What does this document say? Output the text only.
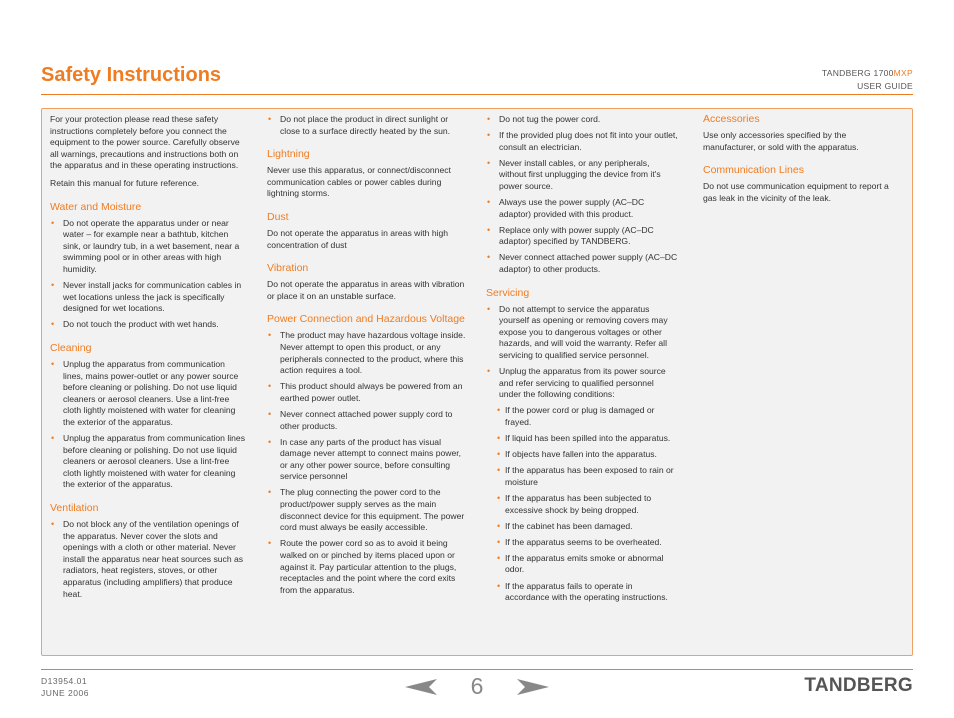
Safety Instructions	TANDBERG 1700MXP
USER GUIDE

For your protection please read these safety instructions completely before you connect the equipment to the power source. Carefully observe all warnings, precautions and instructions both on the apparatus and in these operating instructions.

Retain this manual for future reference.

Water and Moisture
• Do not operate the apparatus under or near water – for example near a bathtub, kitchen sink, or laundry tub, in a wet basement, near a swimming pool or in other areas with high humidity.
• Never install jacks for communication cables in wet locations unless the jack is specifically designed for wet locations.
• Do not touch the product with wet hands.
Cleaning
• Unplug the apparatus from communication lines, mains power-outlet or any power source before cleaning or polishing. Do not use liquid cleaners or aerosol cleaners. Use a lint-free cloth lightly moistened with water for cleaning the exterior of the apparatus.
• Unplug the apparatus from communication lines before cleaning or polishing. Do not use liquid cleaners or aerosol cleaners. Use a lint-free cloth lightly moistened with water for cleaning the exterior of the apparatus.
Ventilation
• Do not block any of the ventilation openings of the apparatus. Never cover the slots and openings with a cloth or other material. Never install the apparatus near heat sources such as radiators, heat registers, stoves, or other apparatus (including amplifiers) that produce heat.
• Do not place the product in direct sunlight or close to a surface directly heated by the sun.
Lightning

Never use this apparatus, or connect/disconnect communication cables or power cables during lightning storms.

Dust

Do not operate the apparatus in areas with high concentration of dust

Vibration

Do not operate the apparatus in areas with vibration or place it on an unstable surface.

Power Connection and Hazardous Voltage
• The product may have hazardous voltage inside. Never attempt to open this product, or any peripherals connected to the product, where this action requires a tool.
• This product should always be powered from an earthed power outlet.
• Never connect attached power supply cord to other products.
• In case any parts of the product has visual damage never attempt to connect mains power, or any other power source, before consulting service personnel
• The plug connecting the power cord to the product/power supply serves as the main disconnect device for this equipment. The power cord must always be easily accessible.
• Route the power cord so as to avoid it being walked on or pinched by items placed upon or against it. Pay particular attention to the plugs, receptacles and the point where the cord exits from the apparatus.
• Do not tug the power cord.
• If the provided plug does not fit into your outlet, consult an electrician.
• Never install cables, or any peripherals, without first unplugging the device from it's power source.
• Always use the power supply (AC–DC adaptor) provided with this product.
• Replace only with power supply (AC–DC adaptor) specified by TANDBERG.
• Never connect attached power supply (AC–DC adaptor) to other products.
Servicing
• Do not attempt to service the apparatus yourself as opening or removing covers may expose you to dangerous voltages or other hazards, and will void the warranty. Refer all servicing to qualified service personnel.
• Unplug the apparatus from its power source and refer servicing to qualified personnel under the following conditions:
• If the power cord or plug is damaged or frayed.
• If liquid has been spilled into the apparatus.
• If objects have fallen into the apparatus.
• If the apparatus has been exposed to rain or moisture
• If the apparatus has been subjected to excessive shock by being dropped.
• If the cabinet has been damaged.
• If the apparatus seems to be overheated.
• If the apparatus emits smoke or abnormal odor.
• If the apparatus fails to operate in accordance with the operating instructions.
Accessories

Use only accessories specified by the manufacturer, or sold with the apparatus.

Communication Lines

Do not use communication equipment to report a gas leak in the vicinity of the leak.

D13954.01
JUNE 2006	6	TANDBERG
